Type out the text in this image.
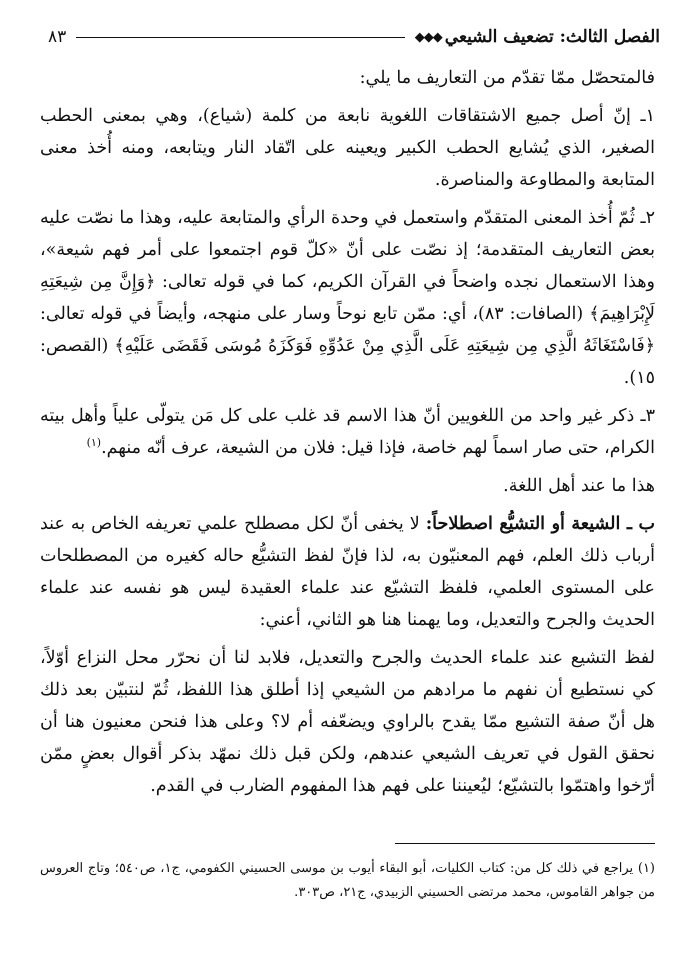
الفصل الثالث: تضعيف الشيعي
◆◆◆
٨٣

فالمتحصّل ممّا تقدّم من التعاريف ما يلي:

١ـ إنّ أصل جميع الاشتقاقات اللغوية نابعة من كلمة (شياع)، وهي بمعنى الحطب الصغير، الذي يُشايع الحطب الكبير ويعينه على اتّقاد النار ويتابعه، ومنه أُخذ معنى المتابعة والمطاوعة والمناصرة.

٢ـ ثُمّ أُخذ المعنى المتقدّم واستعمل في وحدة الرأي والمتابعة عليه، وهذا ما نصّت عليه بعض التعاريف المتقدمة؛ إذ نصّت على أنّ «كلّ قوم اجتمعوا على أمر فهم شيعة»، وهذا الاستعمال نجده واضحاً في القرآن الكريم، كما في قوله تعالى: ﴿وَإِنَّ مِن شِيعَتِهِ لَإِبْرَاهِيمَ﴾ (الصافات: ٨٣)، أي: ممّن تابع نوحاً وسار على منهجه، وأيضاً في قوله تعالى: ﴿فَاسْتَغَاثَهُ الَّذِي مِن شِيعَتِهِ عَلَى الَّذِي مِنْ عَدُوِّهِ فَوَكَزَهُ مُوسَى فَقَضَى عَلَيْهِ﴾ (القصص: ١٥).

٣ـ ذكر غير واحد من اللغويين أنّ هذا الاسم قد غلب على كل مَن يتولّى علياً وأهل بيته الكرام، حتى صار اسماً لهم خاصة، فإذا قيل: فلان من الشيعة، عرف أنّه منهم.$^{(١)}$

هذا ما عند أهل اللغة.

ب ـ الشيعة أو التشيُّع اصطلاحاً: لا يخفى أنّ لكل مصطلح علمي تعريفه الخاص به عند أرباب ذلك العلم، فهم المعنيّون به، لذا فإنّ لفظ التشيُّع حاله كغيره من المصطلحات على المستوى العلمي، فلفظ التشيّع عند علماء العقيدة ليس هو نفسه عند علماء الحديث والجرح والتعديل، وما يهمنا هنا هو الثاني، أعني:

لفظ التشيع عند علماء الحديث والجرح والتعديل، فلابد لنا أن نحرّر محل النزاع أوّلاً، كي نستطيع أن نفهم ما مرادهم من الشيعي إذا أطلق هذا اللفظ، ثُمّ لنتبيّن بعد ذلك هل أنّ صفة التشيع ممّا يقدح بالراوي ويضعّفه أم لا؟ وعلى هذا فنحن معنيون هنا أن نحقق القول في تعريف الشيعي عندهم، ولكن قبل ذلك نمهّد بذكر أقوال بعضٍ ممّن أرّخوا واهتمّوا بالتشيّع؛ ليُعيننا على فهم هذا المفهوم الضارب في القدم.

(١) يراجع في ذلك كل من: كتاب الكليات، أبو البقاء أيوب بن موسى الحسيني الكفومي، ج١، ص٥٤٠؛ وتاج العروس من جواهر القاموس، محمد مرتضى الحسيني الزبيدي، ج٢١، ص٣٠٣.
